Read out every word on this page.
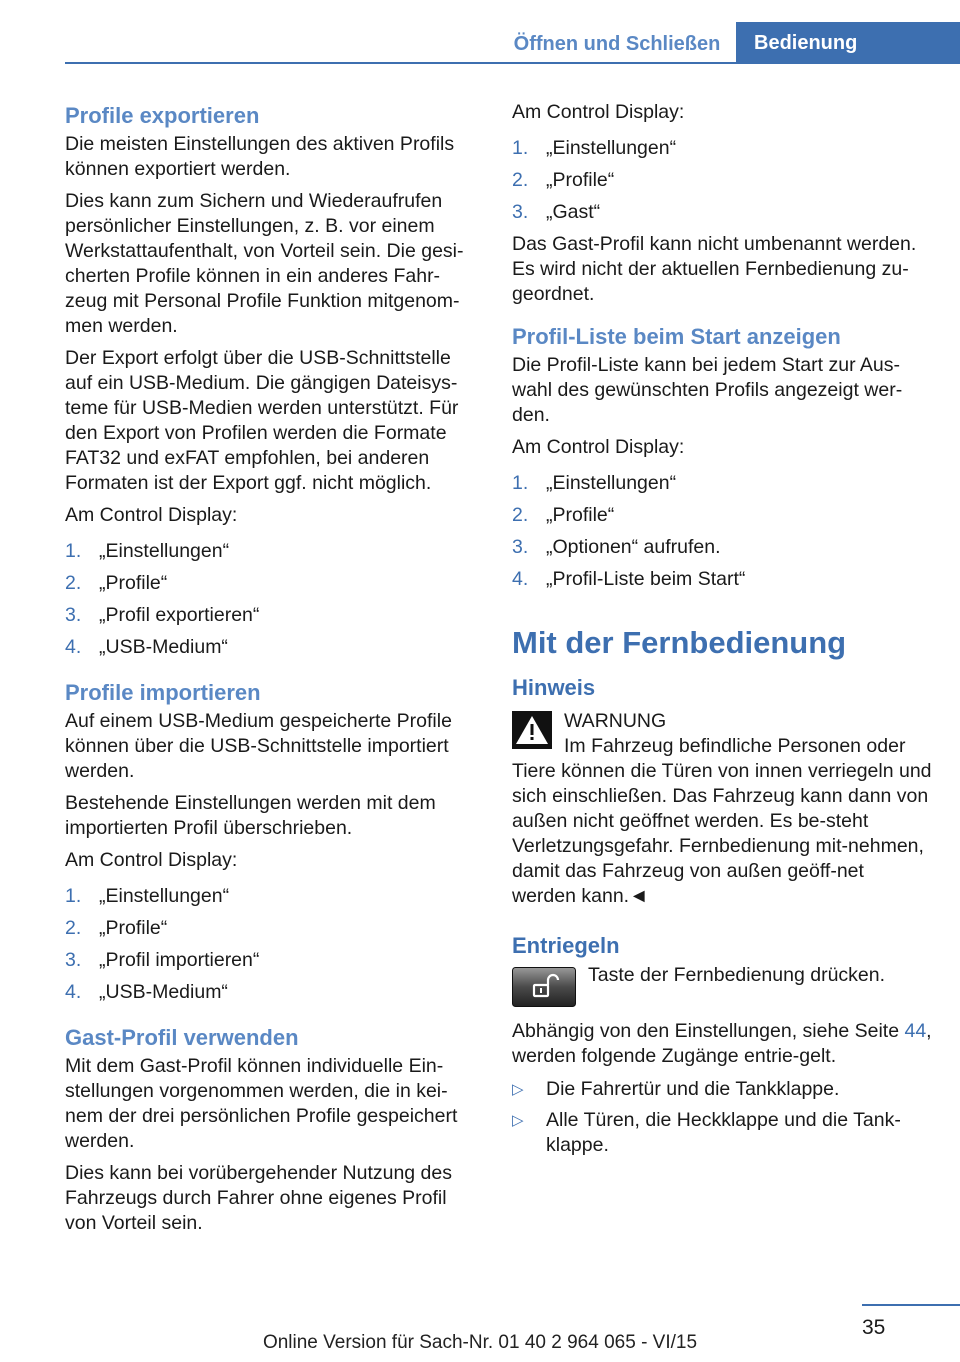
Öffnen und Schließen	Bedienung
Profile exportieren

Die meisten Einstellungen des aktiven Profils können exportiert werden.

Dies kann zum Sichern und Wiederaufrufen persönlicher Einstellungen, z. B. vor einem Werkstattaufenthalt, von Vorteil sein. Die gesi-cherten Profile können in ein anderes Fahr-zeug mit Personal Profile Funktion mitgenom-men werden.

Der Export erfolgt über die USB-Schnittstelle auf ein USB-Medium. Die gängigen Dateisys-teme für USB-Medien werden unterstützt. Für den Export von Profilen werden die Formate FAT32 und exFAT empfohlen, bei anderen Formaten ist der Export ggf. nicht möglich.

Am Control Display:

1. „Einstellungen“
2. „Profile“
3. „Profil exportieren“
4. „USB-Medium“
Profile importieren

Auf einem USB-Medium gespeicherte Profile können über die USB-Schnittstelle importiert werden.

Bestehende Einstellungen werden mit dem importierten Profil überschrieben.

Am Control Display:

1. „Einstellungen“
2. „Profile“
3. „Profil importieren“
4. „USB-Medium“
Gast-Profil verwenden

Mit dem Gast-Profil können individuelle Ein-stellungen vorgenommen werden, die in kei-nem der drei persönlichen Profile gespeichert werden.

Dies kann bei vorübergehender Nutzung des Fahrzeugs durch Fahrer ohne eigenes Profil von Vorteil sein.

Am Control Display:

1. „Einstellungen“
2. „Profile“
3. „Gast“

Das Gast-Profil kann nicht umbenannt werden. Es wird nicht der aktuellen Fernbedienung zu-geordnet.

Profil-Liste beim Start anzeigen

Die Profil-Liste kann bei jedem Start zur Aus-wahl des gewünschten Profils angezeigt wer-den.

Am Control Display:

1. „Einstellungen“
2. „Profile“
3. „Optionen“ aufrufen.
4. „Profil-Liste beim Start“
Mit der Fernbedienung
Hinweis

WARNUNG

Im Fahrzeug befindliche Personen oder

Tiere können die Türen von innen verriegeln und sich einschließen. Das Fahrzeug kann dann von außen nicht geöffnet werden. Es be-steht Verletzungsgefahr. Fernbedienung mit-nehmen, damit das Fahrzeug von außen geöff-net werden kann.◄

Entriegeln
Taste der Fernbedienung drücken.

Abhängig von den Einstellungen, siehe Seite 44, werden folgende Zugänge entrie-gelt.

▷ Die Fahrertür und die Tankklappe.
▷ Alle Türen, die Heckklappe und die Tank-klappe.
35
Online Version für Sach-Nr. 01 40 2 964 065 - VI/15
